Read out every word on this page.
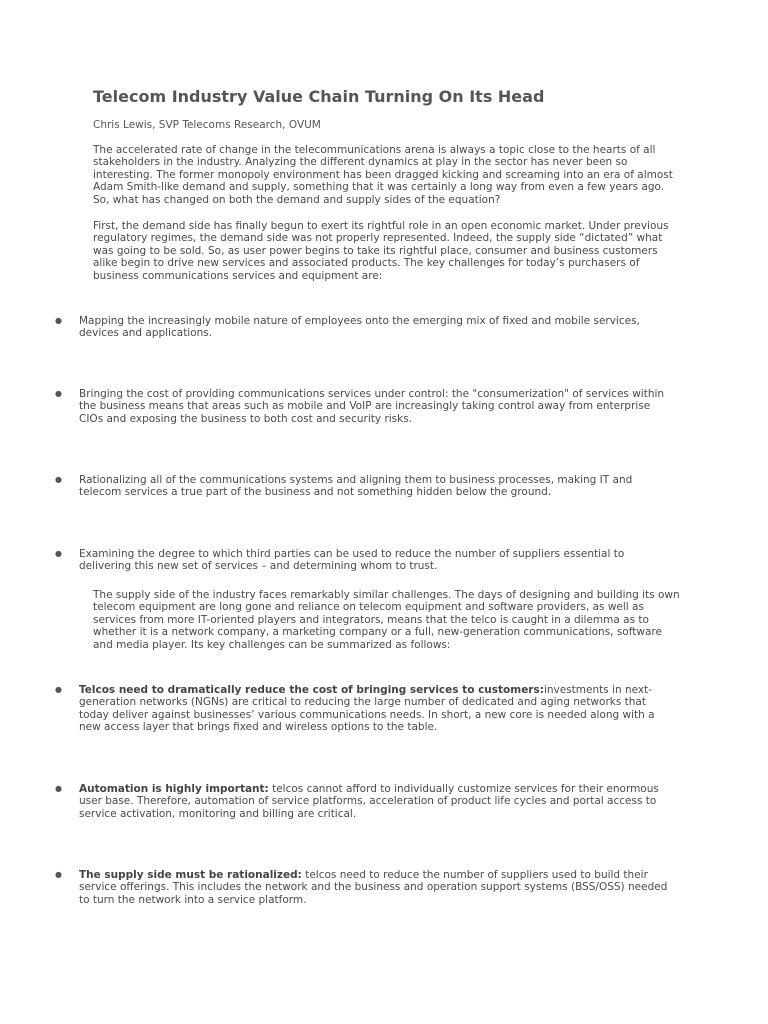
Telecom Industry Value Chain Turning On Its Head
Chris Lewis, SVP Telecoms Research, OVUM

The accelerated rate of change in the telecommunications arena is always a topic close to the hearts of all stakeholders in the industry. Analyzing the different dynamics at play in the sector has never been so interesting. The former monopoly environment has been dragged kicking and screaming into an era of almost Adam Smith-like demand and supply, something that it was certainly a long way from even a few years ago. So, what has changed on both the demand and supply sides of the equation?

First, the demand side has finally begun to exert its rightful role in an open economic market. Under previous regulatory regimes, the demand side was not properly represented. Indeed, the supply side “dictated” what was going to be sold. So, as user power begins to take its rightful place, consumer and business customers alike begin to drive new services and associated products. The key challenges for today’s purchasers of business communications services and equipment are:

● Mapping the increasingly mobile nature of employees onto the emerging mix of fixed and mobile services, devices and applications.
● Bringing the cost of providing communications services under control: the "consumerization" of services within the business means that areas such as mobile and VoIP are increasingly taking control away from enterprise CIOs and exposing the business to both cost and security risks.
● Rationalizing all of the communications systems and aligning them to business processes, making IT and telecom services a true part of the business and not something hidden below the ground.
● Examining the degree to which third parties can be used to reduce the number of suppliers essential to delivering this new set of services – and determining whom to trust.

The supply side of the industry faces remarkably similar challenges. The days of designing and building its own telecom equipment are long gone and reliance on telecom equipment and software providers, as well as services from more IT-oriented players and integrators, means that the telco is caught in a dilemma as to whether it is a network company, a marketing company or a full, new-generation communications, software and media player. Its key challenges can be summarized as follows:

● Telcos need to dramatically reduce the cost of bringing services to customers:investments in next-generation networks (NGNs) are critical to reducing the large number of dedicated and aging networks that today deliver against businesses’ various communications needs. In short, a new core is needed along with a new access layer that brings fixed and wireless options to the table.
● Automation is highly important: telcos cannot afford to individually customize services for their enormous user base. Therefore, automation of service platforms, acceleration of product life cycles and portal access to service activation, monitoring and billing are critical.
● The supply side must be rationalized: telcos need to reduce the number of suppliers used to build their service offerings. This includes the network and the business and operation support systems (BSS/OSS) needed to turn the network into a service platform.
